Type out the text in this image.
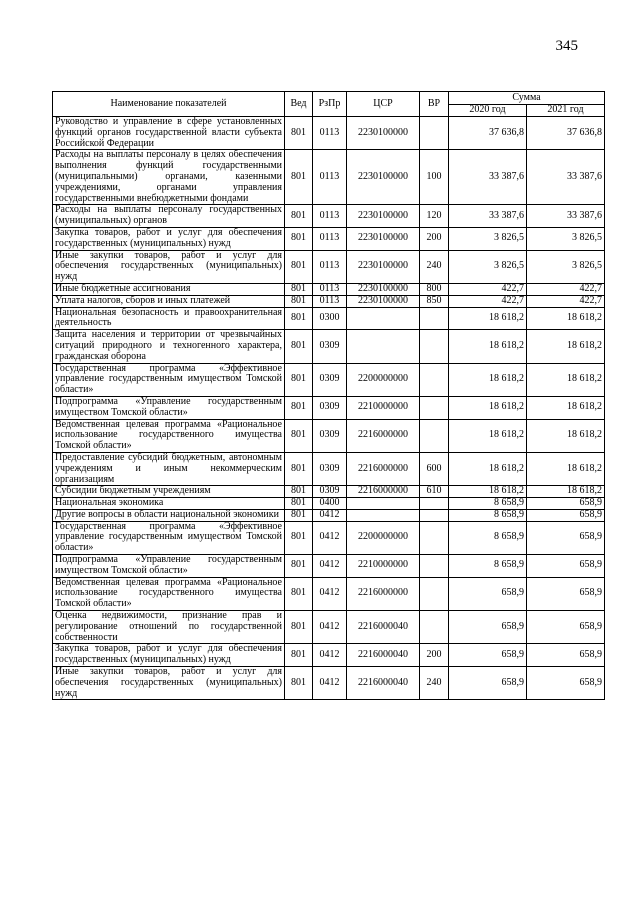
345
Наименование показателей	Вед	РзПр	ЦСР	ВР	Сумма	
					2020 год	2021 год
Руководство и управление в сфере установленных функций органов государственной власти субъекта Российской Федерации	801	0113	2230100000		37 636,8	37 636,8
Расходы на выплаты персоналу в целях обеспечения выполнения функций государственными (муниципальными) органами, казенными учреждениями, органами управления государственными внебюджетными фондами	801	0113	2230100000	100	33 387,6	33 387,6
Расходы на выплаты персоналу государственных (муниципальных) органов	801	0113	2230100000	120	33 387,6	33 387,6
Закупка товаров, работ и услуг для обеспечения государственных (муниципальных) нужд	801	0113	2230100000	200	3 826,5	3 826,5
Иные закупки товаров, работ и услуг для обеспечения государственных (муниципальных) нужд	801	0113	2230100000	240	3 826,5	3 826,5
Иные бюджетные ассигнования	801	0113	2230100000	800	422,7	422,7
Уплата налогов, сборов и иных платежей	801	0113	2230100000	850	422,7	422,7
Национальная безопасность и правоохранительная деятельность	801	0300			18 618,2	18 618,2
Защита населения и территории от чрезвычайных ситуаций природного и техногенного характера, гражданская оборона	801	0309			18 618,2	18 618,2
Государственная программа «Эффективное управление государственным имуществом Томской области»	801	0309	2200000000		18 618,2	18 618,2
Подпрограмма «Управление государственным имуществом Томской области»	801	0309	2210000000		18 618,2	18 618,2
Ведомственная целевая программа «Рациональное использование государственного имущества Томской области»	801	0309	2216000000		18 618,2	18 618,2
Предоставление субсидий бюджетным, автономным учреждениям и иным некоммерческим организациям	801	0309	2216000000	600	18 618,2	18 618,2
Субсидии бюджетным учреждениям	801	0309	2216000000	610	18 618,2	18 618,2
Национальная экономика	801	0400			8 658,9	658,9
Другие вопросы в области национальной экономики	801	0412			8 658,9	658,9
Государственная программа «Эффективное управление государственным имуществом Томской области»	801	0412	2200000000		8 658,9	658,9
Подпрограмма «Управление государственным имуществом Томской области»	801	0412	2210000000		8 658,9	658,9
Ведомственная целевая программа «Рациональное использование государственного имущества Томской области»	801	0412	2216000000		658,9	658,9
Оценка недвижимости, признание прав и регулирование отношений по государственной собственности	801	0412	2216000040		658,9	658,9
Закупка товаров, работ и услуг для обеспечения государственных (муниципальных) нужд	801	0412	2216000040	200	658,9	658,9
Иные закупки товаров, работ и услуг для обеспечения государственных (муниципальных) нужд	801	0412	2216000040	240	658,9	658,9
